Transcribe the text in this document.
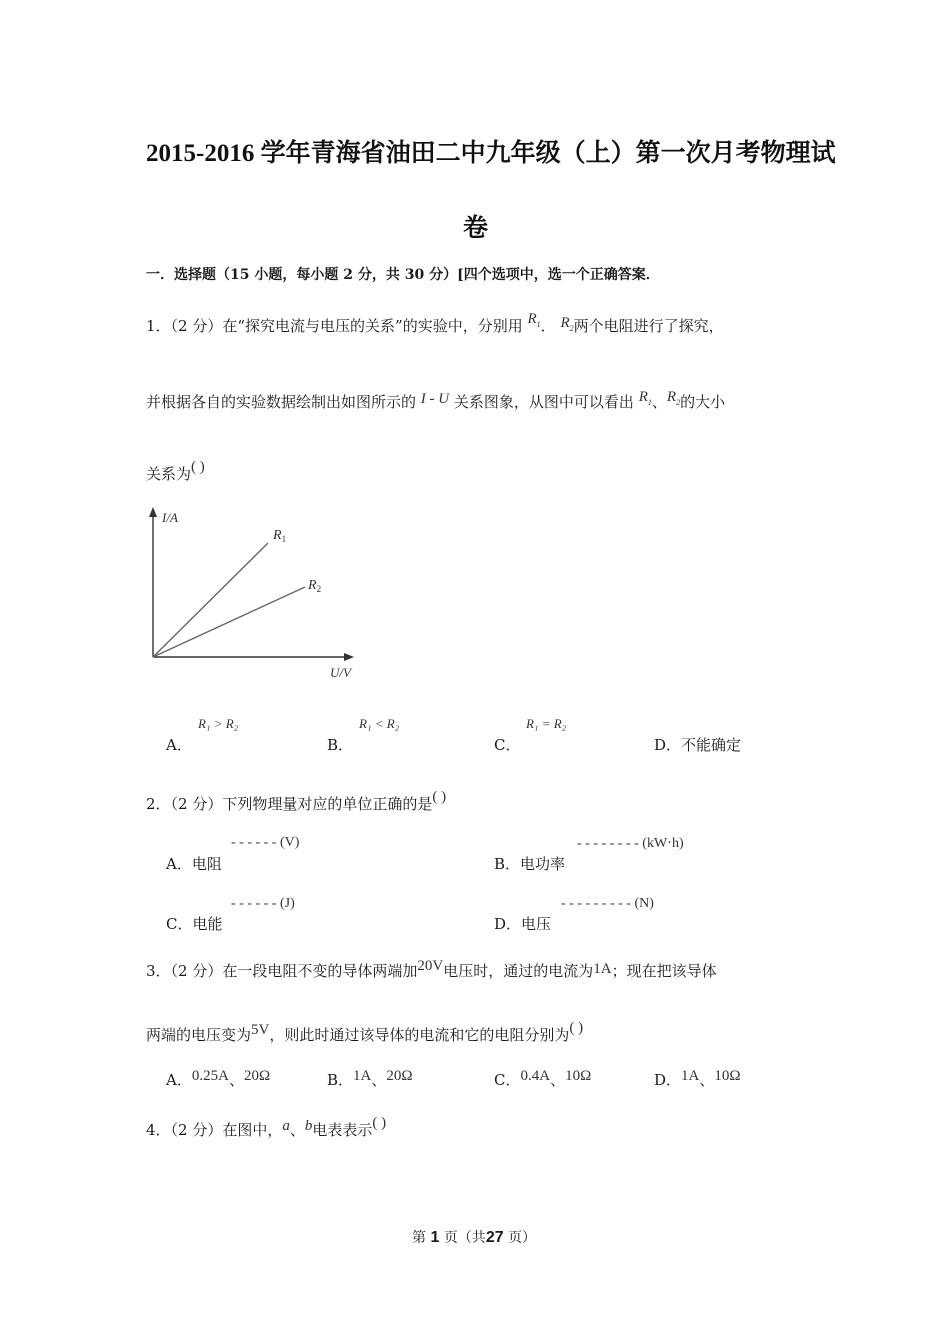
2015-2016 学年青海省油田二中九年级（上）第一次月考物理试
卷
一．选择题（15 小题，每小题 2 分，共 30 分）[四个选项中，选一个正确答案．
1．（2 分）在“探究电流与电压的关系”的实验中，分别用 $R_1$． $R_2$两个电阻进行了探究，
并根据各自的实验数据绘制出如图所示的 I - U 关系图象，从图中可以看出 $R_1$、$R_2$的大小
关系为( )
I/A
U/V
$R_1$
$R_2$
A．
R₁ > R₂
B．
R₁ < R₂
C．
R₁ = R₂
D．不能确定
2．（2 分）下列物理量对应的单位正确的是( )
- - - - - - (V)
A．电阻
- - - - - - - - (kW⋅h)
B．电功率
- - - - - - (J)
C．电能
- - - - - - - - - (N)
D．电压
3．（2 分）在一段电阻不变的导体两端加20V电压时，通过的电流为1A；现在把该导体
两端的电压变为5V，则此时通过该导体的电流和它的电阻分别为( )
A．0.25A、20Ω	B．1A、20Ω	C．0.4A、10Ω	D．1A、10Ω
4．（2 分）在图中，a、b电表表示( )
第 1 页（共27 页）
